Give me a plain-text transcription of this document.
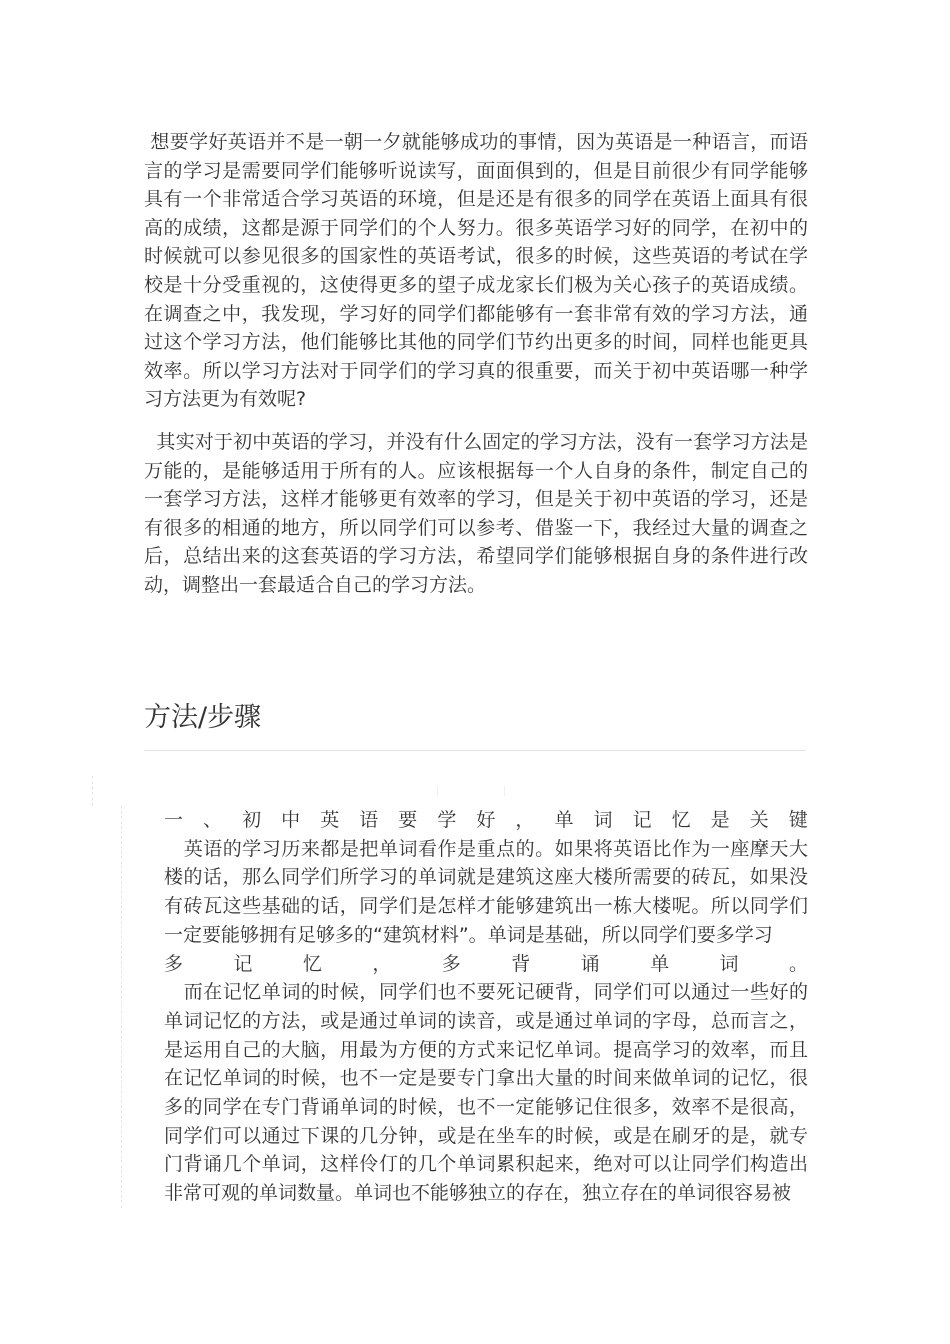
想要学好英语并不是一朝一夕就能够成功的事情，因为英语是一种语言，而语言的学习是需要同学们能够听说读写，面面俱到的，但是目前很少有同学能够具有一个非常适合学习英语的环境，但是还是有很多的同学在英语上面具有很高的成绩，这都是源于同学们的个人努力。很多英语学习好的同学，在初中的时候就可以参见很多的国家性的英语考试，很多的时候，这些英语的考试在学校是十分受重视的，这使得更多的望子成龙家长们极为关心孩子的英语成绩。在调查之中，我发现，学习好的同学们都能够有一套非常有效的学习方法，通过这个学习方法，他们能够比其他的同学们节约出更多的时间，同样也能更具效率。所以学习方法对于同学们的学习真的很重要，而关于初中英语哪一种学习方法更为有效呢?

其实对于初中英语的学习，并没有什么固定的学习方法，没有一套学习方法是万能的，是能够适用于所有的人。应该根据每一个人自身的条件，制定自己的一套学习方法，这样才能够更有效率的学习，但是关于初中英语的学习，还是有很多的相通的地方，所以同学们可以参考、借鉴一下，我经过大量的调查之后，总结出来的这套英语的学习方法，希望同学们能够根据自身的条件进行改动，调整出一套最适合自己的学习方法。

方法/步骤

一 、 初 中 英 语 要 学 好 ， 单 词 记 忆 是 关 键

英语的学习历来都是把单词看作是重点的。如果将英语比作为一座摩天大楼的话，那么同学们所学习的单词就是建筑这座大楼所需要的砖瓦，如果没有砖瓦这些基础的话，同学们是怎样才能够建筑出一栋大楼呢。所以同学们一定要能够拥有足够多的“建筑材料”。单词是基础，所以同学们要多学习

多	记	忆	，	多	背	诵	单	词	。

而在记忆单词的时候，同学们也不要死记硬背，同学们可以通过一些好的单词记忆的方法，或是通过单词的读音，或是通过单词的字母，总而言之，是运用自己的大脑，用最为方便的方式来记忆单词。提高学习的效率，而且在记忆单词的时候，也不一定是要专门拿出大量的时间来做单词的记忆，很多的同学在专门背诵单词的时候，也不一定能够记住很多，效率不是很高，同学们可以通过下课的几分钟，或是在坐车的时候，或是在刷牙的是，就专门背诵几个单词，这样伶仃的几个单词累积起来，绝对可以让同学们构造出非常可观的单词数量。单词也不能够独立的存在，独立存在的单词很容易被
